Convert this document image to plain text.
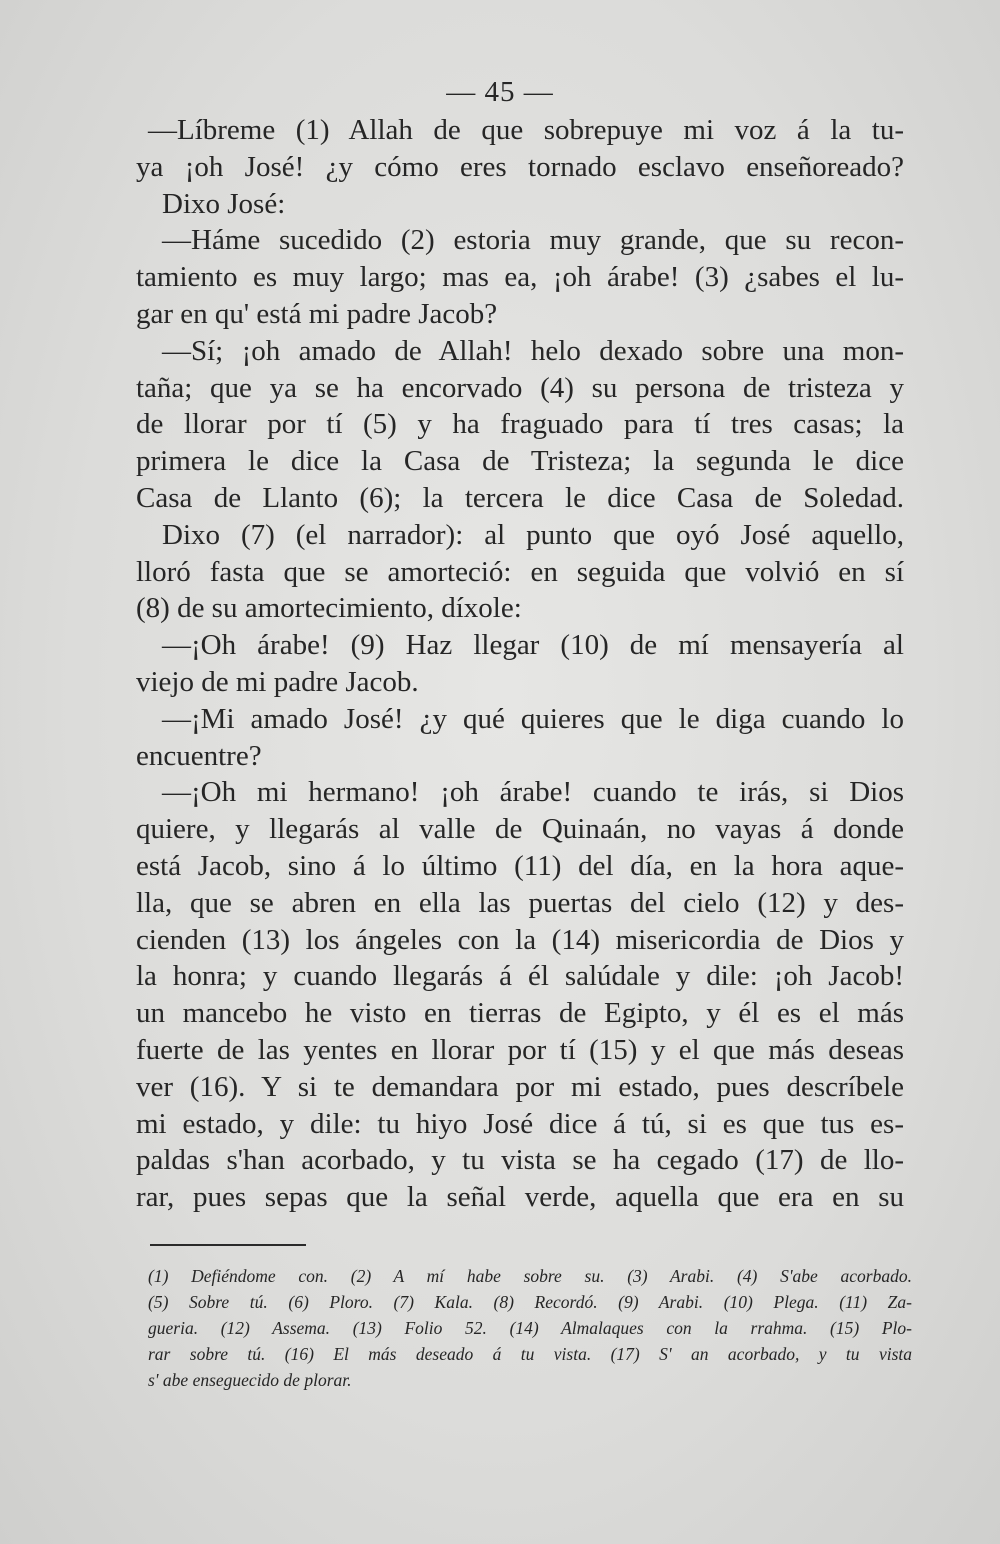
— 45 —
—Líbreme (1) Allah de que sobrepuye mi voz á la tu-
ya ¡oh José! ¿y cómo eres tornado esclavo enseñoreado?
Dixo José:
—Háme sucedido (2) estoria muy grande, que su recon-
tamiento es muy largo; mas ea, ¡oh árabe! (3) ¿sabes el lu-
gar en qu' está mi padre Jacob?
—Sí; ¡oh amado de Allah! helo dexado sobre una mon-
taña; que ya se ha encorvado (4) su persona de tristeza y
de llorar por tí (5) y ha fraguado para tí tres casas; la
primera le dice la Casa de Tristeza; la segunda le dice
Casa de Llanto (6); la tercera le dice Casa de Soledad.
Dixo (7) (el narrador): al punto que oyó José aquello,
lloró fasta que se amorteció: en seguida que volvió en sí
(8) de su amortecimiento, díxole:
—¡Oh árabe! (9) Haz llegar (10) de mí mensayería al
viejo de mi padre Jacob.
—¡Mi amado José! ¿y qué quieres que le diga cuando lo
encuentre?
—¡Oh mi hermano! ¡oh árabe! cuando te irás, si Dios
quiere, y llegarás al valle de Quinaán, no vayas á donde
está Jacob, sino á lo último (11) del día, en la hora aque-
lla, que se abren en ella las puertas del cielo (12) y des-
cienden (13) los ángeles con la (14) misericordia de Dios y
la honra; y cuando llegarás á él salúdale y dile: ¡oh Jacob!
un mancebo he visto en tierras de Egipto, y él es el más
fuerte de las yentes en llorar por tí (15) y el que más deseas
ver (16). Y si te demandara por mi estado, pues descríbele
mi estado, y dile: tu hiyo José dice á tú, si es que tus es-
paldas s'han acorbado, y tu vista se ha cegado (17) de llo-
rar, pues sepas que la señal verde, aquella que era en su
(1) Defiéndome con. (2) A mí habe sobre su. (3) Arabi. (4) S'abe acorbado.
(5) Sobre tú. (6) Ploro. (7) Kala. (8) Recordó. (9) Arabi. (10) Plega. (11) Za-
gueria. (12) Assema. (13) Folio 52. (14) Almalaques con la rrahma. (15) Plo-
rar sobre tú. (16) El más deseado á tu vista. (17) S' an acorbado, y tu vista
s' abe enseguecido de plorar.
